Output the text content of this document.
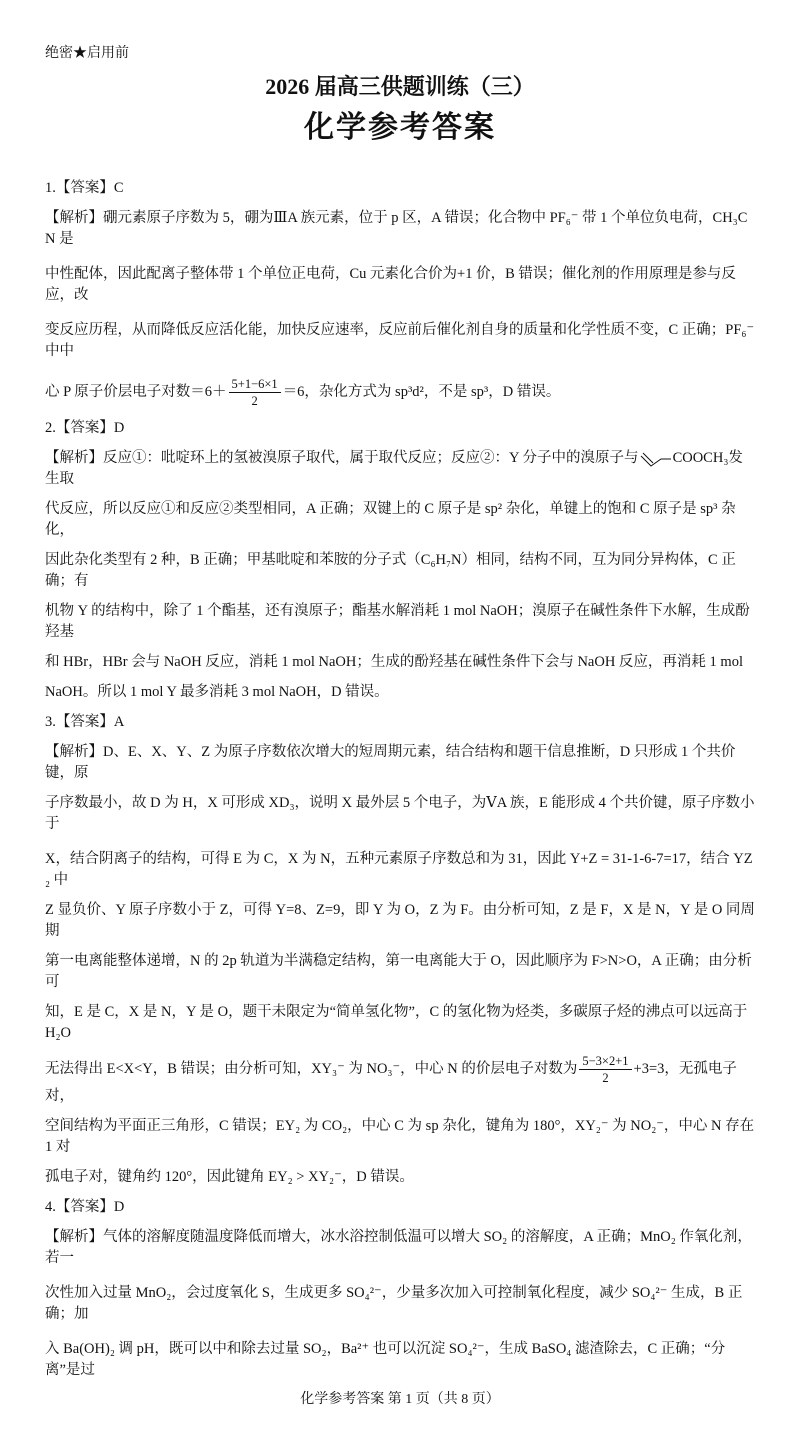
绝密★启用前
2026 届高三供题训练（三）
化学参考答案
1.【答案】C
【解析】硼元素原子序数为 5，硼为ⅢA 族元素，位于 p 区，A 错误；化合物中 PF₆⁻ 带 1 个单位负电荷，CH₃CN 是
中性配体，因此配离子整体带 1 个单位正电荷，Cu 元素化合价为+1 价，B 错误；催化剂的作用原理是参与反应，改
变反应历程，从而降低反应活化能，加快反应速率，反应前后催化剂自身的质量和化学性质不变，C 正确；PF₆⁻ 中中
心 P 原子价层电子对数$=6+ \frac{5+1-6\times 1}{2} =6$，杂化方式为 sp³d²，不是 sp³，D 错误。
2.【答案】D
【解析】反应①：吡啶环上的氢被溴原子取代，属于取代反应；反应②：Y 分子中的溴原子与 COOCH₃发生取
代反应，所以反应①和反应②类型相同，A 正确；双键上的 C 原子是 sp² 杂化，单键上的饱和 C 原子是 sp³ 杂化，
因此杂化类型有 2 种，B 正确；甲基吡啶和苯胺的分子式（C₆H₇N）相同，结构不同，互为同分异构体，C 正确；有
机物 Y 的结构中，除了 1 个酯基，还有溴原子；酯基水解消耗 1 mol NaOH；溴原子在碱性条件下水解，生成酚羟基
和 HBr，HBr 会与 NaOH 反应，消耗 1 mol NaOH；生成的酚羟基在碱性条件下会与 NaOH 反应，再消耗 1 mol
NaOH。所以 1 mol Y 最多消耗 3 mol NaOH，D 错误。
3.【答案】A
【解析】D、E、X、Y、Z 为原子序数依次增大的短周期元素，结合结构和题干信息推断，D 只形成 1 个共价键，原
子序数最小，故 D 为 H，X 可形成 XD₃，说明 X 最外层 5 个电子，为ⅤA 族，E 能形成 4 个共价键，原子序数小于
X，结合阴离子的结构，可得 E 为 C，X 为 N，五种元素原子序数总和为 31，因此 Y+Z = 31-1-6-7=17，结合 YZ₂ 中
Z 显负价、Y 原子序数小于 Z，可得 Y=8、Z=9，即 Y 为 O，Z 为 F。由分析可知，Z 是 F，X 是 N，Y 是 O 同周期
第一电离能整体递增，N 的 2p 轨道为半满稳定结构，第一电离能大于 O，因此顺序为 F>N>O，A 正确；由分析可
知，E 是 C，X 是 N，Y 是 O，题干未限定为“简单氢化物”，C 的氢化物为烃类，多碳原子烃的沸点可以远高于 H₂O
无法得出 E<X<Y，B 错误；由分析可知，XY₃⁻ 为 NO₃⁻，中心 N 的价层电子对数为 $\frac{5-3\times 2+1}{2} +3=3$，无孤电子对，
空间结构为平面正三角形，C 错误；EY₂ 为 CO₂，中心 C 为 sp 杂化，键角为 180°，XY₂⁻ 为 NO₂⁻，中心 N 存在 1 对
孤电子对，键角约 120°，因此键角 EY₂ > XY₂⁻，D 错误。
4.【答案】D
【解析】气体的溶解度随温度降低而增大，冰水浴控制低温可以增大 SO₂ 的溶解度，A 正确；MnO₂ 作氧化剂，若一
次性加入过量 MnO₂，会过度氧化 S，生成更多 SO₄²⁻，少量多次加入可控制氧化程度，减少 SO₄²⁻ 生成，B 正确；加
入 Ba(OH)₂ 调 pH，既可以中和除去过量 SO₂，Ba²⁺ 也可以沉淀 SO₄²⁻，生成 BaSO₄ 滤渣除去，C 正确；“分离”是过
化学参考答案 第 1 页（共 8 页）
